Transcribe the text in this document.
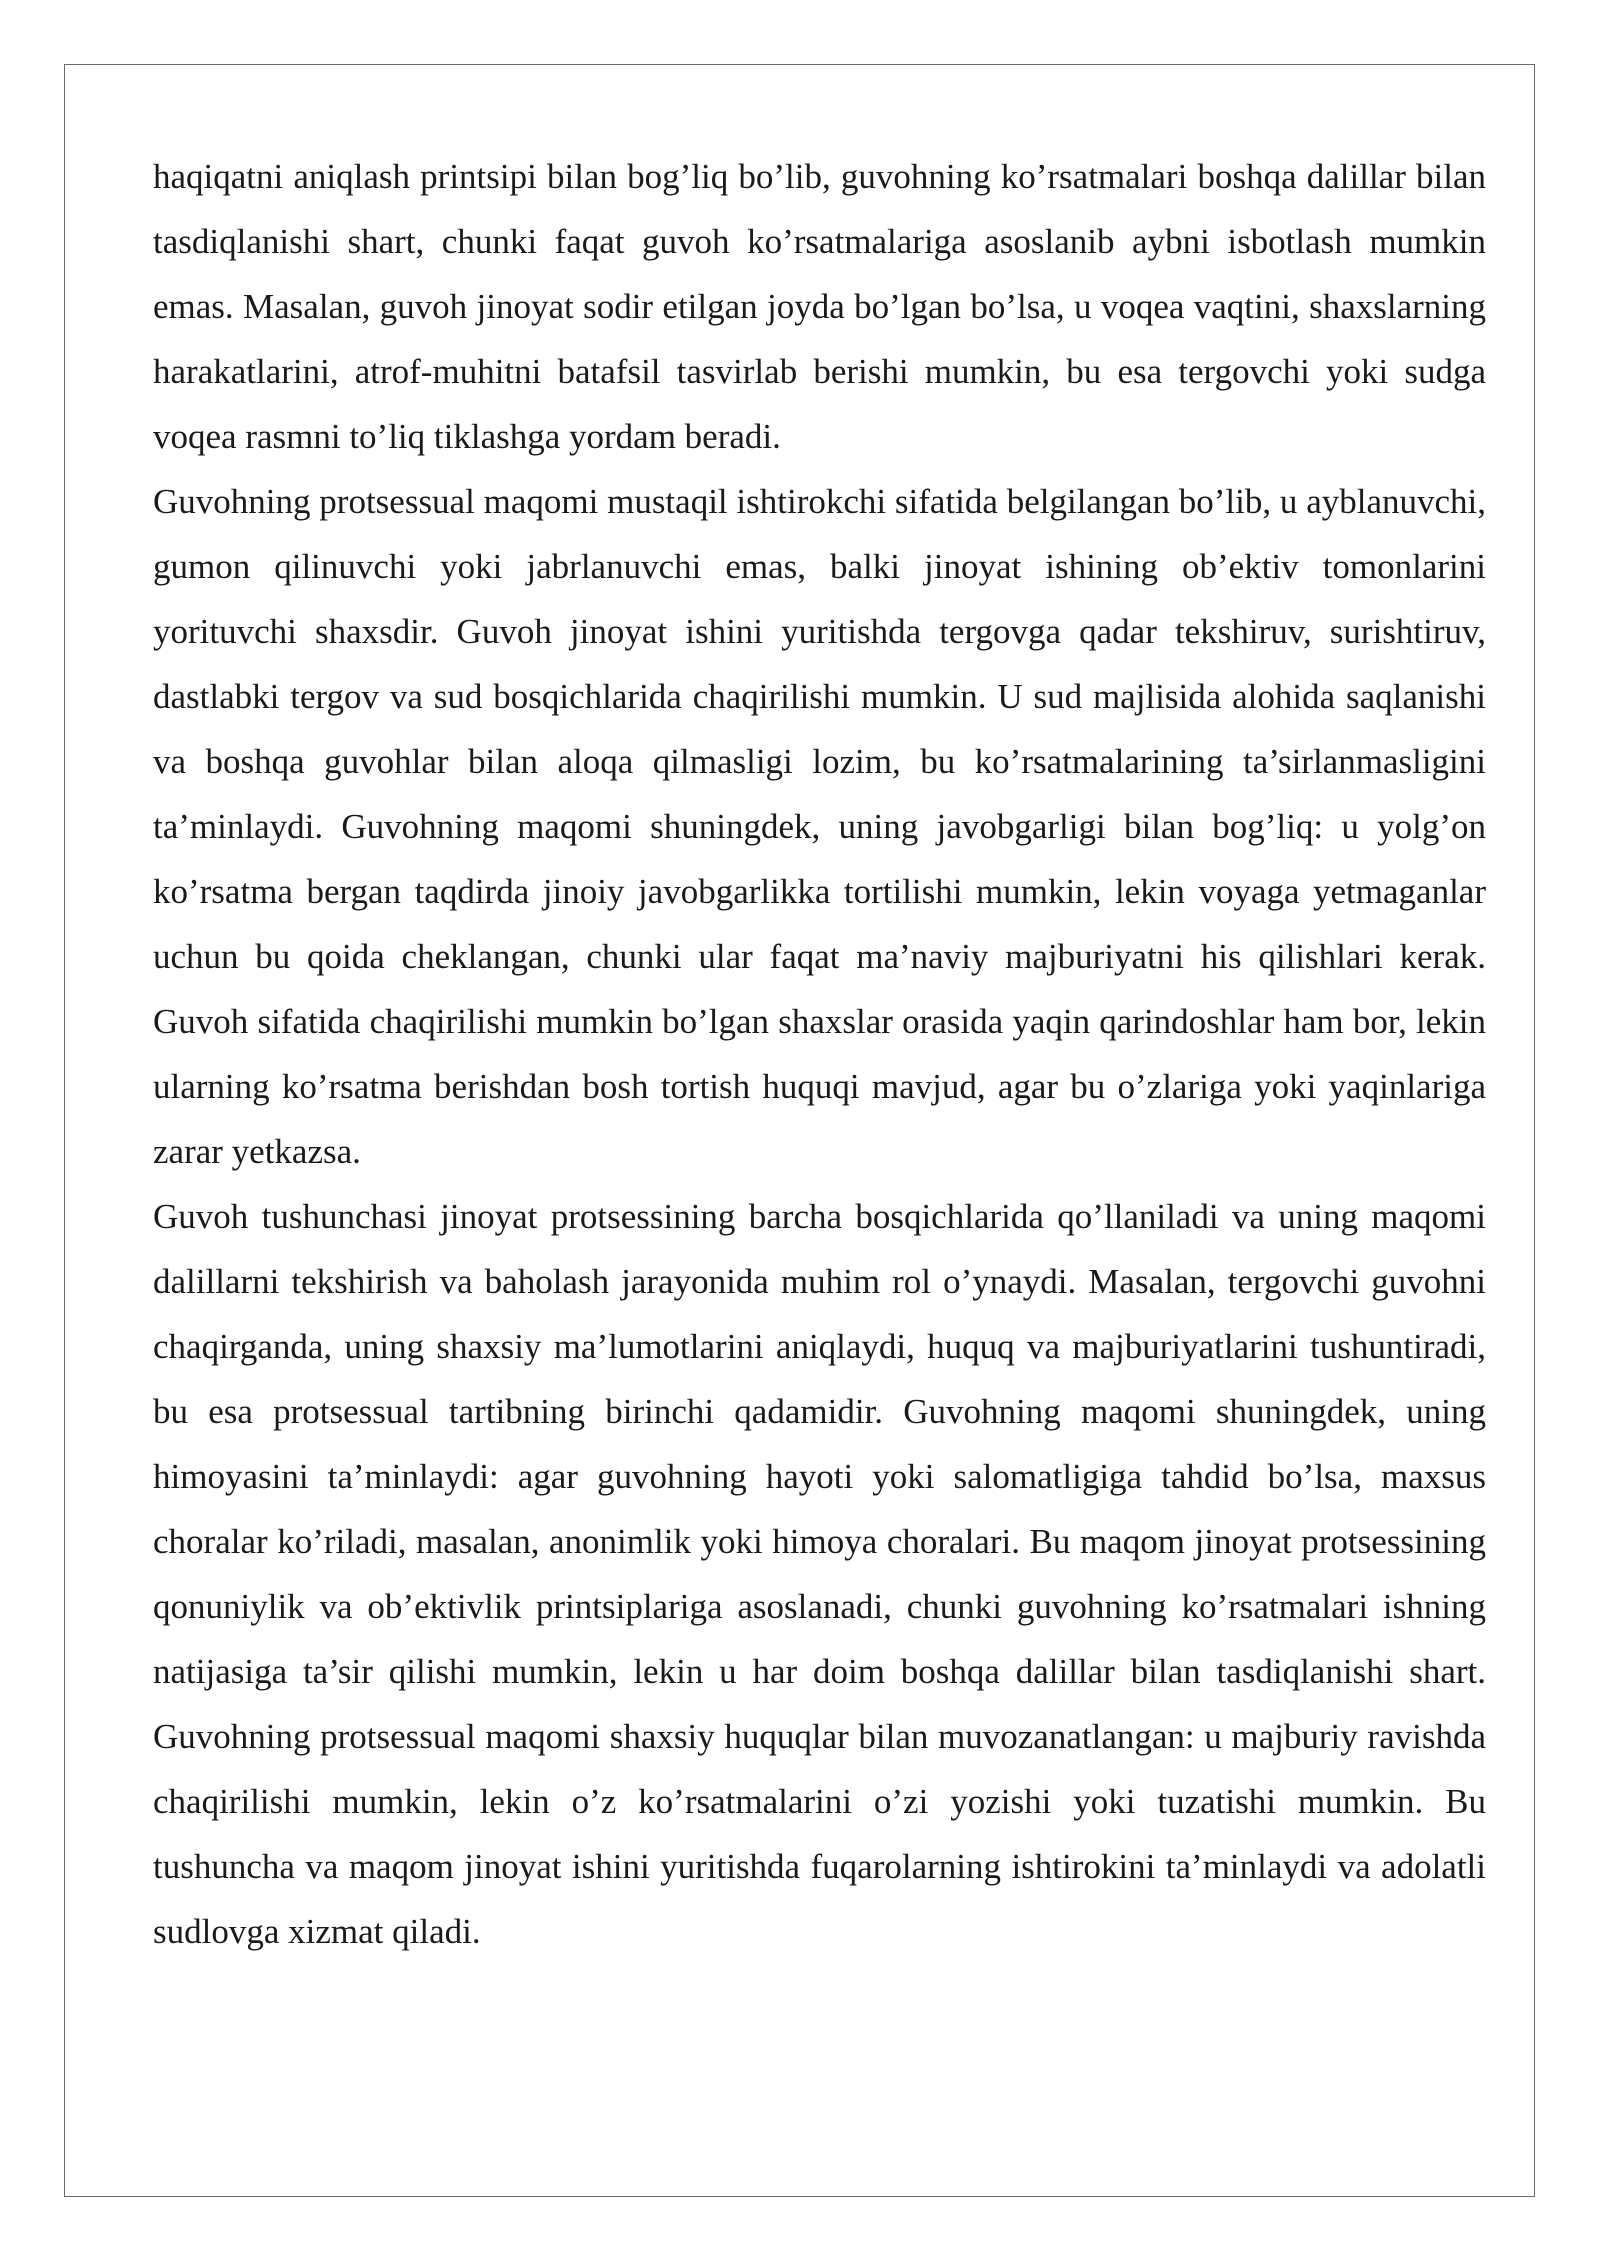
haqiqatni aniqlash printsipi bilan bog’liq bo’lib, guvohning ko’rsatmalari boshqa dalillar bilan tasdiqlanishi shart, chunki faqat guvoh ko’rsatmalariga asoslanib aybni isbotlash mumkin emas. Masalan, guvoh jinoyat sodir etilgan joyda bo’lgan bo’lsa, u voqea vaqtini, shaxslarning harakatlarini, atrof-muhitni batafsil tasvirlab berishi mumkin, bu esa tergovchi yoki sudga voqea rasmni to’liq tiklashga yordam beradi.

Guvohning protsessual maqomi mustaqil ishtirokchi sifatida belgilangan bo’lib, u ayblanuvchi, gumon qilinuvchi yoki jabrlanuvchi emas, balki jinoyat ishining ob’ektiv tomonlarini yorituvchi shaxsdir. Guvoh jinoyat ishini yuritishda tergovga qadar tekshiruv, surishtiruv, dastlabki tergov va sud bosqichlarida chaqirilishi mumkin. U sud majlisida alohida saqlanishi va boshqa guvohlar bilan aloqa qilmasligi lozim, bu ko’rsatmalarining ta’sirlanmasligini ta’minlaydi. Guvohning maqomi shuningdek, uning javobgarligi bilan bog’liq: u yolg’on ko’rsatma bergan taqdirda jinoiy javobgarlikka tortilishi mumkin, lekin voyaga yetmaganlar uchun bu qoida cheklangan, chunki ular faqat ma’naviy majburiyatni his qilishlari kerak. Guvoh sifatida chaqirilishi mumkin bo’lgan shaxslar orasida yaqin qarindoshlar ham bor, lekin ularning ko’rsatma berishdan bosh tortish huquqi mavjud, agar bu o’zlariga yoki yaqinlariga zarar yetkazsa.

Guvoh tushunchasi jinoyat protsessining barcha bosqichlarida qo’llaniladi va uning maqomi dalillarni tekshirish va baholash jarayonida muhim rol o’ynaydi. Masalan, tergovchi guvohni chaqirganda, uning shaxsiy ma’lumotlarini aniqlaydi, huquq va majburiyatlarini tushuntiradi, bu esa protsessual tartibning birinchi qadamidir. Guvohning maqomi shuningdek, uning himoyasini ta’minlaydi: agar guvohning hayoti yoki salomatligiga tahdid bo’lsa, maxsus choralar ko’riladi, masalan, anonimlik yoki himoya choralari. Bu maqom jinoyat protsessining qonuniylik va ob’ektivlik printsiplariga asoslanadi, chunki guvohning ko’rsatmalari ishning natijasiga ta’sir qilishi mumkin, lekin u har doim boshqa dalillar bilan tasdiqlanishi shart. Guvohning protsessual maqomi shaxsiy huquqlar bilan muvozanatlangan: u majburiy ravishda chaqirilishi mumkin, lekin o’z ko’rsatmalarini o’zi yozishi yoki tuzatishi mumkin. Bu tushuncha va maqom jinoyat ishini yuritishda fuqarolarning ishtirokini ta’minlaydi va adolatli sudlovga xizmat qiladi.
